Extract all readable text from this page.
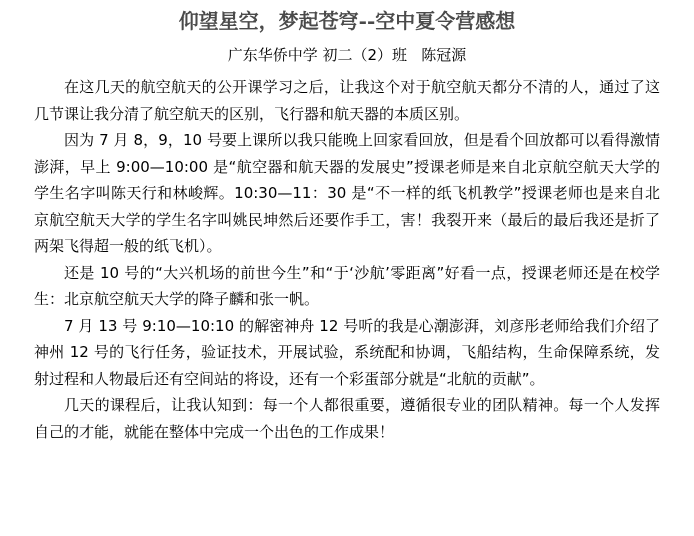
仰望星空，梦起苍穹--空中夏令营感想
广东华侨中学 初二（2）班   陈冠源

在这几天的航空航天的公开课学习之后，让我这个对于航空航天都分不清的人，通过了这几节课让我分清了航空航天的区别，飞行器和航天器的本质区别。

因为 7 月 8，9，10 号要上课所以我只能晚上回家看回放，但是看个回放都可以看得激情澎湃，早上 9:00—10:00 是“航空器和航天器的发展史”授课老师是来自北京航空航天大学的学生名字叫陈天行和林峻辉。10:30—11：30 是“不一样的纸飞机教学”授课老师也是来自北京航空航天大学的学生名字叫姚民坤然后还要作手工，害！我裂开来（最后的最后我还是折了两架飞得超一般的纸飞机）。

还是 10 号的“大兴机场的前世今生”和“于‘沙航’零距离”好看一点，授课老师还是在校学生：北京航空航天大学的降子麟和张一帆。

7 月 13 号 9:10—10:10 的解密神舟 12 号听的我是心潮澎湃，刘彦彤老师给我们介绍了神州 12 号的飞行任务，验证技术，开展试验，系统配和协调，飞船结构，生命保障系统，发射过程和人物最后还有空间站的将设，还有一个彩蛋部分就是“北航的贡献”。

几天的课程后，让我认知到：每一个人都很重要，遵循很专业的团队精神。每一个人发挥自己的才能，就能在整体中完成一个出色的工作成果！
